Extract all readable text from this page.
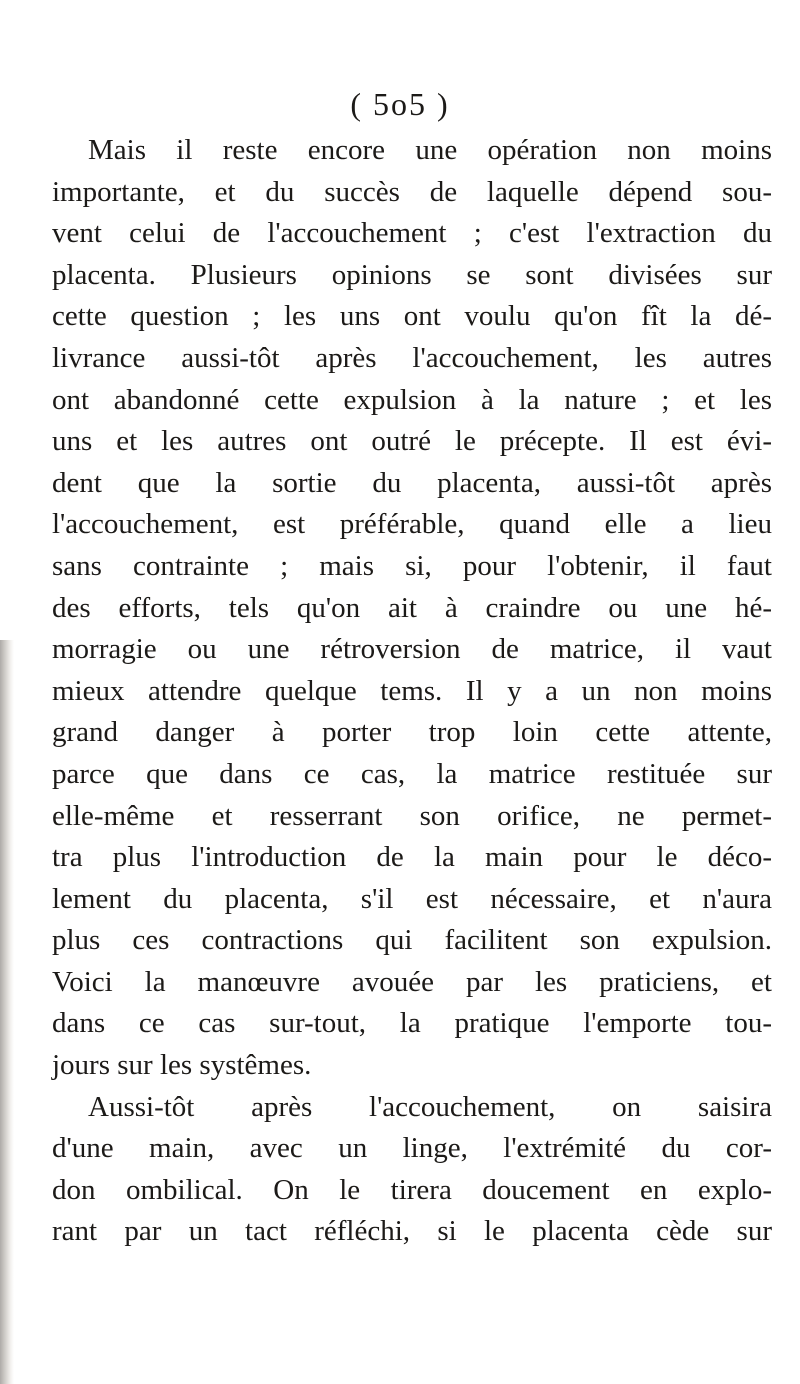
( 5o5 )
Mais il reste encore une opération non moins
importante, et du succès de laquelle dépend sou-
vent celui de l'accouchement ; c'est l'extraction du
placenta. Plusieurs opinions se sont divisées sur
cette question ; les uns ont voulu qu'on fît la dé-
livrance aussi-tôt après l'accouchement, les autres
ont abandonné cette expulsion à la nature ; et les
uns et les autres ont outré le précepte. Il est évi-
dent que la sortie du placenta, aussi-tôt après
l'accouchement, est préférable, quand elle a lieu
sans contrainte ; mais si, pour l'obtenir, il faut
des efforts, tels qu'on ait à craindre ou une hé-
morragie ou une rétroversion de matrice, il vaut
mieux attendre quelque tems. Il y a un non moins
grand danger à porter trop loin cette attente,
parce que dans ce cas, la matrice restituée sur
elle-même et resserrant son orifice, ne permet-
tra plus l'introduction de la main pour le déco-
lement du placenta, s'il est nécessaire, et n'aura
plus ces contractions qui facilitent son expulsion.
Voici la manœuvre avouée par les praticiens, et
dans ce cas sur-tout, la pratique l'emporte tou-
jours sur les systêmes.
Aussi-tôt après l'accouchement, on saisira
d'une main, avec un linge, l'extrémité du cor-
don ombilical. On le tirera doucement en explo-
rant par un tact réfléchi, si le placenta cède sur
